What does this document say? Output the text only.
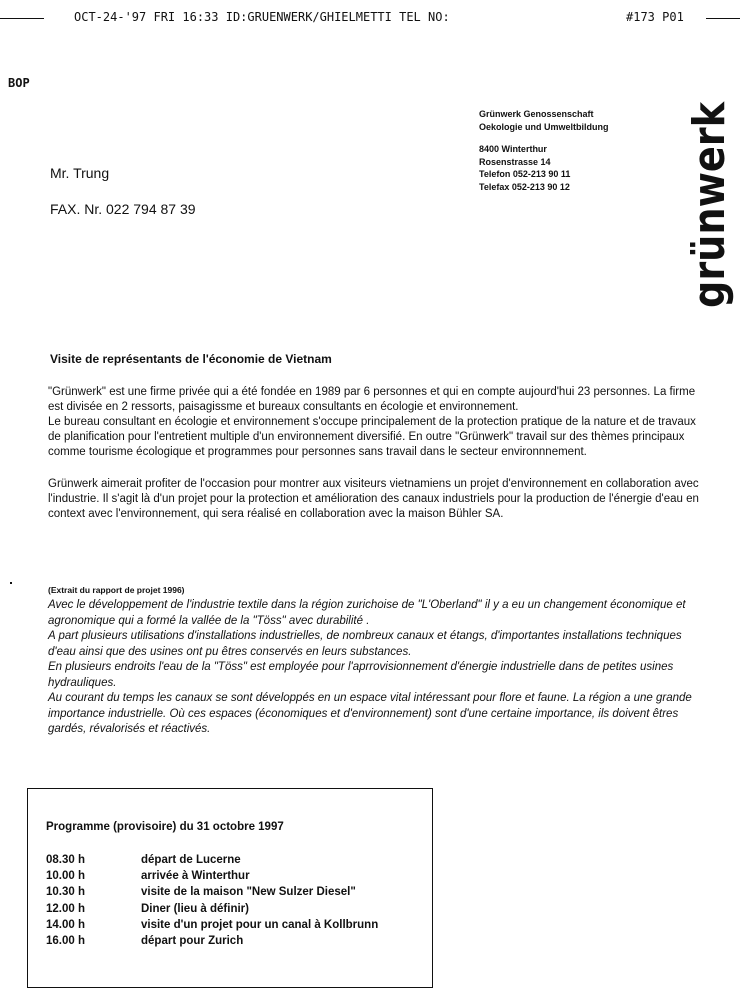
OCT-24-'97 FRI 16:33 ID:GRUENWERK/GHIELMETTI TEL NO:	#173 P01
BOP
Grünwerk Genossenschaft
Oekologie und Umweltbildung
8400 Winterthur
Rosenstrasse 14
Telefon 052-213 90 11
Telefax 052-213 90 12	grünwerk
Mr. Trung
FAX. Nr. 022 794 87 39
Visite de représentants de l'économie de Vietnam

"Grünwerk" est une firme privée qui a été fondée en 1989 par 6 personnes et qui en compte aujourd'hui 23 personnes. La firme est divisée en 2 ressorts, paisagissme et bureaux consultants en écologie et environnement.

Le bureau consultant en écologie et environnement s'occupe principalement de la protection pratique de la nature et de travaux de planification pour l'entretient multiple d'un environnement diversifié. En outre "Grünwerk" travail sur des thèmes principaux comme tourisme écologique et programmes pour personnes sans travail dans le secteur environnnement.

Grünwerk aimerait profiter de l'occasion pour montrer aux visiteurs vietnamiens un projet d'environnement en collaboration avec l'industrie. Il s'agit là d'un projet pour la protection et amélioration des canaux industriels pour la production de l'énergie d'eau en context avec l'environnement, qui sera réalisé en collaboration avec la maison Bühler SA.

(Extrait du rapport de projet 1996)

Avec le développement de l'industrie textile dans la région zurichoise de "L'Oberland" il y a eu un changement économique et agronomique qui a formé la vallée de la "Töss" avec durabilité .

A part plusieurs utilisations d'installations industrielles, de nombreux canaux et étangs, d'importantes installations techniques d'eau ainsi que des usines ont pu êtres conservés en leurs substances.

En plusieurs endroits l'eau de la "Töss" est employée pour l'aprrovisionnement d'énergie industrielle dans de petites usines hydrauliques.

Au courant du temps les canaux se sont développés en un espace vital intéressant pour flore et faune. La région a une grande importance industrielle. Où ces espaces (économiques et d'environnement) sont d'une certaine importance, ils doivent êtres gardés, révalorisés et réactivés.

Programme (provisoire) du 31 octobre 1997
08.30 h	départ de Lucerne
10.00 h	arrivée à Winterthur
10.30 h	visite de la maison "New Sulzer Diesel"
12.00 h	Diner (lieu à définir)
14.00 h	visite d'un projet pour un canal à Kollbrunn
16.00 h	départ pour Zurich
